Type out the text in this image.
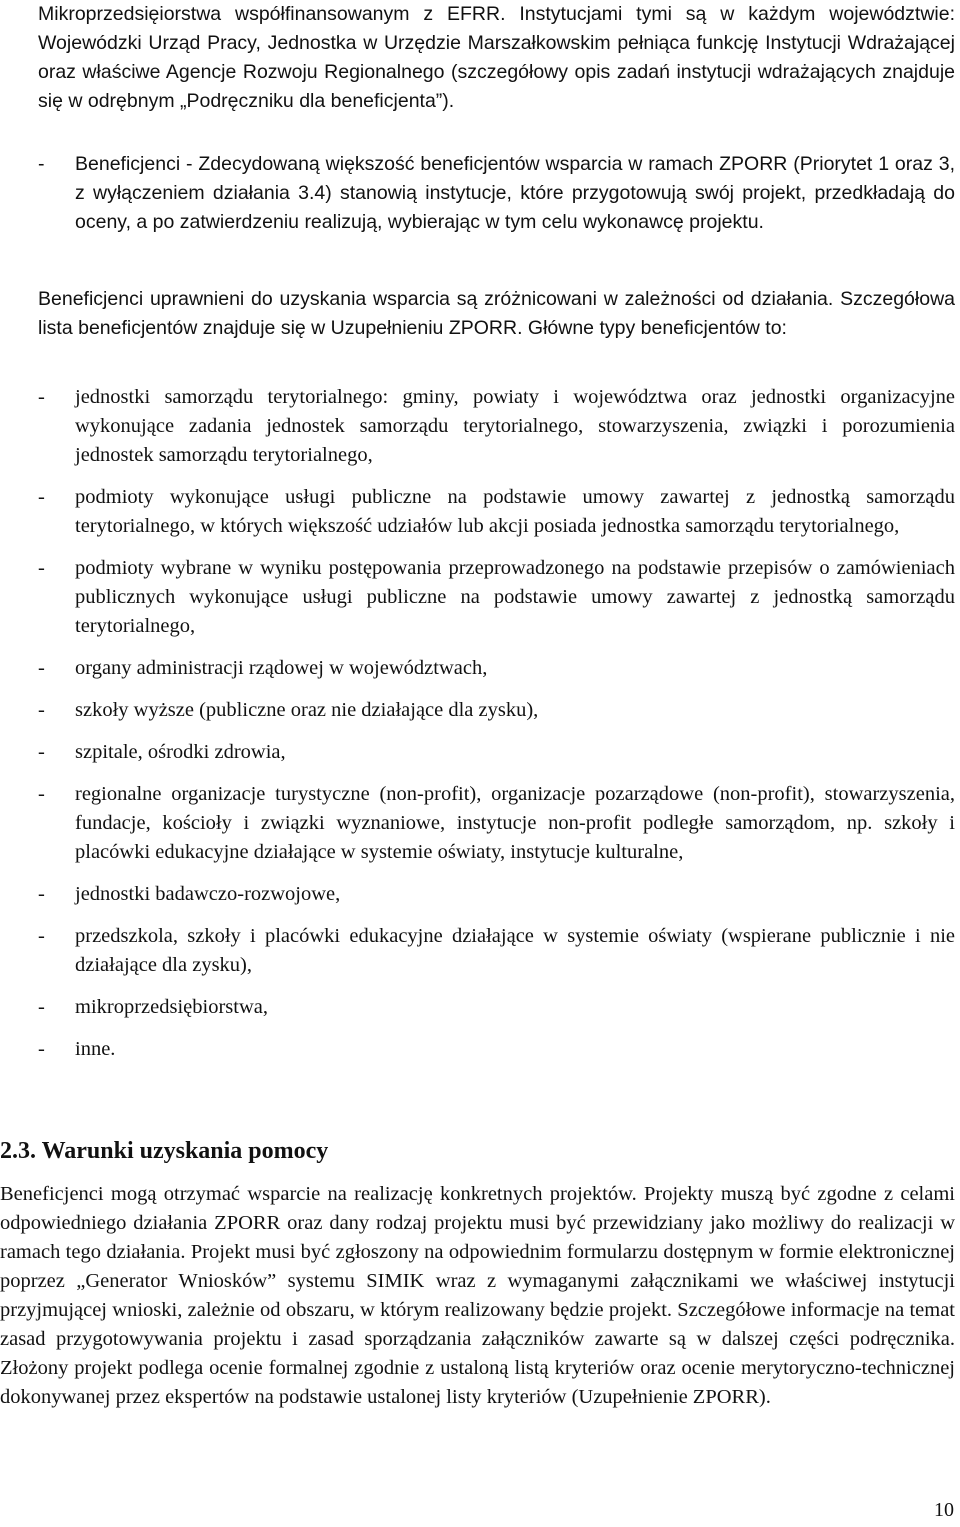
Mikroprzedsięiorstwa współfinansowanym z EFRR. Instytucjami tymi są w każdym województwie: Wojewódzki Urząd Pracy, Jednostka w Urzędzie Marszałkowskim pełniąca funkcję Instytucji Wdrażającej oraz właściwe Agencje Rozwoju Regionalnego (szczegółowy opis zadań instytucji wdrażających znajduje się w odrębnym „Podręczniku dla beneficjenta”).

- Beneficjenci - Zdecydowaną większość beneficjentów wsparcia w ramach ZPORR (Priorytet 1 oraz 3, z wyłączeniem działania 3.4) stanowią instytucje, które przygotowują swój projekt, przedkładają do oceny, a po zatwierdzeniu realizują, wybierając w tym celu wykonawcę projektu.

Beneficjenci uprawnieni do uzyskania wsparcia są zróżnicowani w zależności od działania. Szczegółowa lista beneficjentów znajduje się w Uzupełnieniu ZPORR. Główne typy beneficjentów to:

- jednostki samorządu terytorialnego: gminy, powiaty i województwa oraz jednostki organizacyjne wykonujące zadania jednostek samorządu terytorialnego, stowarzyszenia, związki i porozumienia jednostek samorządu terytorialnego,
- podmioty wykonujące usługi publiczne na podstawie umowy zawartej z jednostką samorządu terytorialnego, w których większość udziałów lub akcji posiada jednostka samorządu terytorialnego,
- podmioty wybrane w wyniku postępowania przeprowadzonego na podstawie przepisów o zamówieniach publicznych wykonujące usługi publiczne na podstawie umowy zawartej z jednostką samorządu terytorialnego,
- organy administracji rządowej w województwach,
- szkoły wyższe (publiczne oraz nie działające dla zysku),
- szpitale, ośrodki zdrowia,
- regionalne organizacje turystyczne (non-profit), organizacje pozarządowe (non-profit), stowarzyszenia, fundacje, kościoły i związki wyznaniowe, instytucje non-profit podległe samorządom, np. szkoły i placówki edukacyjne działające w systemie oświaty, instytucje kulturalne,
- jednostki badawczo-rozwojowe,
- przedszkola, szkoły i placówki edukacyjne działające w systemie oświaty (wspierane publicznie i nie działające dla zysku),
- mikroprzedsiębiorstwa,
- inne.
2.3. Warunki uzyskania pomocy

Beneficjenci mogą otrzymać wsparcie na realizację konkretnych projektów. Projekty muszą być zgodne z celami odpowiedniego działania ZPORR oraz dany rodzaj projektu musi być przewidziany jako możliwy do realizacji w ramach tego działania. Projekt musi być zgłoszony na odpowiednim formularzu dostępnym w formie elektronicznej poprzez „Generator Wniosków” systemu SIMIK wraz z wymaganymi załącznikami we właściwej instytucji przyjmującej wnioski, zależnie od obszaru, w którym realizowany będzie projekt. Szczegółowe informacje na temat zasad przygotowywania projektu i zasad sporządzania załączników zawarte są w dalszej części podręcznika. Złożony projekt podlega ocenie formalnej zgodnie z ustaloną listą kryteriów oraz ocenie merytoryczno-technicznej dokonywanej przez ekspertów na podstawie ustalonej listy kryteriów (Uzupełnienie ZPORR).

10
